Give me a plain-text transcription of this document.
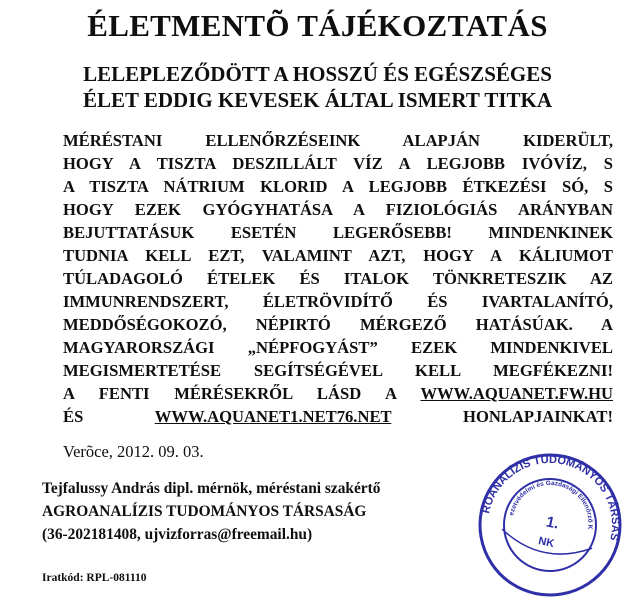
ÉLETMENTÕ TÁJÉKOZTATÁS
LELEPLEZŐDÖTT A HOSSZÚ ÉS EGÉSZSÉGES
ÉLET EDDIG KEVESEK ÁLTAL ISMERT TITKA
MÉRÉSTANI ELLENŐRZÉSEINK ALAPJÁN KIDERÜLT,
HOGY A TISZTA DESZILLÁLT VÍZ A LEGJOBB IVÓVÍZ, S
A TISZTA NÁTRIUM KLORID A LEGJOBB ÉTKEZÉSI SÓ, S
HOGY EZEK GYÓGYHATÁSA A FIZIOLÓGIÁS ARÁNYBAN
BEJUTTATÁSUK ESETÉN LEGERŐSEBB! MINDENKINEK
TUDNIA KELL EZT, VALAMINT AZT, HOGY A KÁLIUMOT
TÚLADAGOLÓ ÉTELEK ÉS ITALOK TÖNKRETESZIK AZ
IMMUNRENDSZERT, ÉLETRÖVIDÍTŐ ÉS IVARTALANÍTÓ,
MEDDŐSÉGOKOZÓ, NÉPIRTÓ MÉRGEZŐ HATÁSÚAK. A
MAGYARORSZÁGI „NÉPFOGYÁST” EZEK MINDENKIVEL
MEGISMERTETÉSE SEGÍTSÉGÉVEL KELL MEGFÉKEZNI!
A FENTI MÉRÉSEKRŐL LÁSD A WWW.AQUANET.FW.HU
ÉS WWW.AQUANET1.NET76.NET HONLAPJAINKAT!
Verõce, 2012. 09. 03.
Tejfalussy András dipl. mérnök, méréstani szakértő
AGROANALÍZIS TUDOMÁNYOS TÁRSASÁG
(36-202181408, ujvizforras@freemail.hu)
Iratkód: RPL-081110
AGROANALÍZIS TUDOMÁNYOS TÁRSASÁG
Környezetvédelmi és Gazdasági Ellenőrző Központ
1.
NK
